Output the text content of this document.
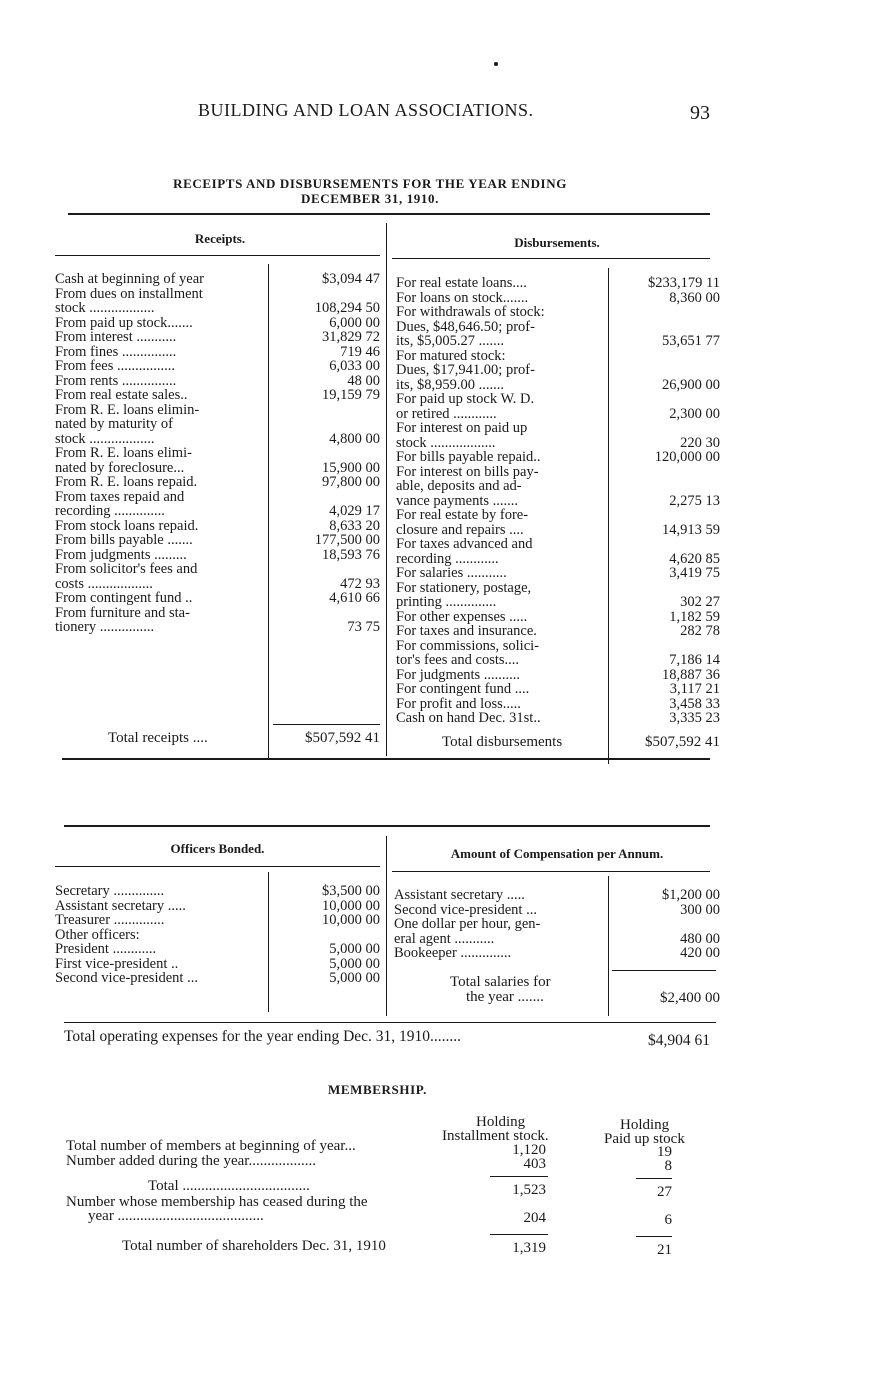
BUILDING AND LOAN ASSOCIATIONS.	93
RECEIPTS AND DISBURSEMENTS FOR THE YEAR ENDING
DECEMBER 31, 1910.
Receipts.	Disbursements.
Cash at beginning of year	$3,094 47
From dues on installment
stock ..................	108,294 50
From paid up stock.......	6,000 00
From interest ...........	31,829 72
From fines ...............	719 46
From fees ................	6,033 00
From rents ...............	48 00
From real estate sales..	19,159 79
From R. E. loans elimin-
nated by maturity of
stock ..................	4,800 00
From R. E. loans elimi-
nated by foreclosure...	15,900 00
From R. E. loans repaid.	97,800 00
From taxes repaid and
recording ..............	4,029 17
From stock loans repaid.	8,633 20
From bills payable .......	177,500 00
From judgments .........	18,593 76
From solicitor's fees and
costs ..................	472 93
From contingent fund ..	4,610 66
From furniture and sta-
tionery ...............	73 75
For real estate loans....	$233,179 11
For loans on stock.......	8,360 00
For withdrawals of stock:
Dues, $48,646.50; prof-
its, $5,005.27 .......	53,651 77
For matured stock:
Dues, $17,941.00; prof-
its, $8,959.00 .......	26,900 00
For paid up stock W. D.
or retired ............	2,300 00
For interest on paid up
stock ..................	220 30
For bills payable repaid..	120,000 00
For interest on bills pay-
able, deposits and ad-
vance payments .......	2,275 13
For real estate by fore-
closure and repairs ....	14,913 59
For taxes advanced and
recording ............	4,620 85
For salaries ...........	3,419 75
For stationery, postage,
printing ..............	302 27
For other expenses .....	1,182 59
For taxes and insurance.	282 78
For commissions, solici-
tor's fees and costs....	7,186 14
For judgments ..........	18,887 36
For contingent fund ....	3,117 21
For profit and loss.....	3,458 33
Cash on hand Dec. 31st..	3,335 23
Total receipts ....	$507,592 41	Total disbursements	$507,592 41
Officers Bonded.	Amount of Compensation per Annum.
Secretary ..............	$3,500 00
Assistant secretary .....	10,000 00
Treasurer ..............	10,000 00
Other officers:
President ............	5,000 00
First vice-president ..	5,000 00
Second vice-president ...	5,000 00
Assistant secretary .....	$1,200 00
Second vice-president ...	300 00
One dollar per hour, gen-
eral agent ...........	480 00
Bookeeper ..............	420 00
Total salaries for
the year .......	$2,400 00
Total operating expenses for the year ending Dec. 31, 1910........	$4,904 61
MEMBERSHIP.
Holding
Installment stock.
Holding
Paid up stock
Total number of members at beginning of year...	1,120	19
Number added during the year..................	403	8
Total ..................................	1,523	27
Number whose membership has ceased during the
year .......................................	204	6
Total number of shareholders Dec. 31, 1910	1,319	21
